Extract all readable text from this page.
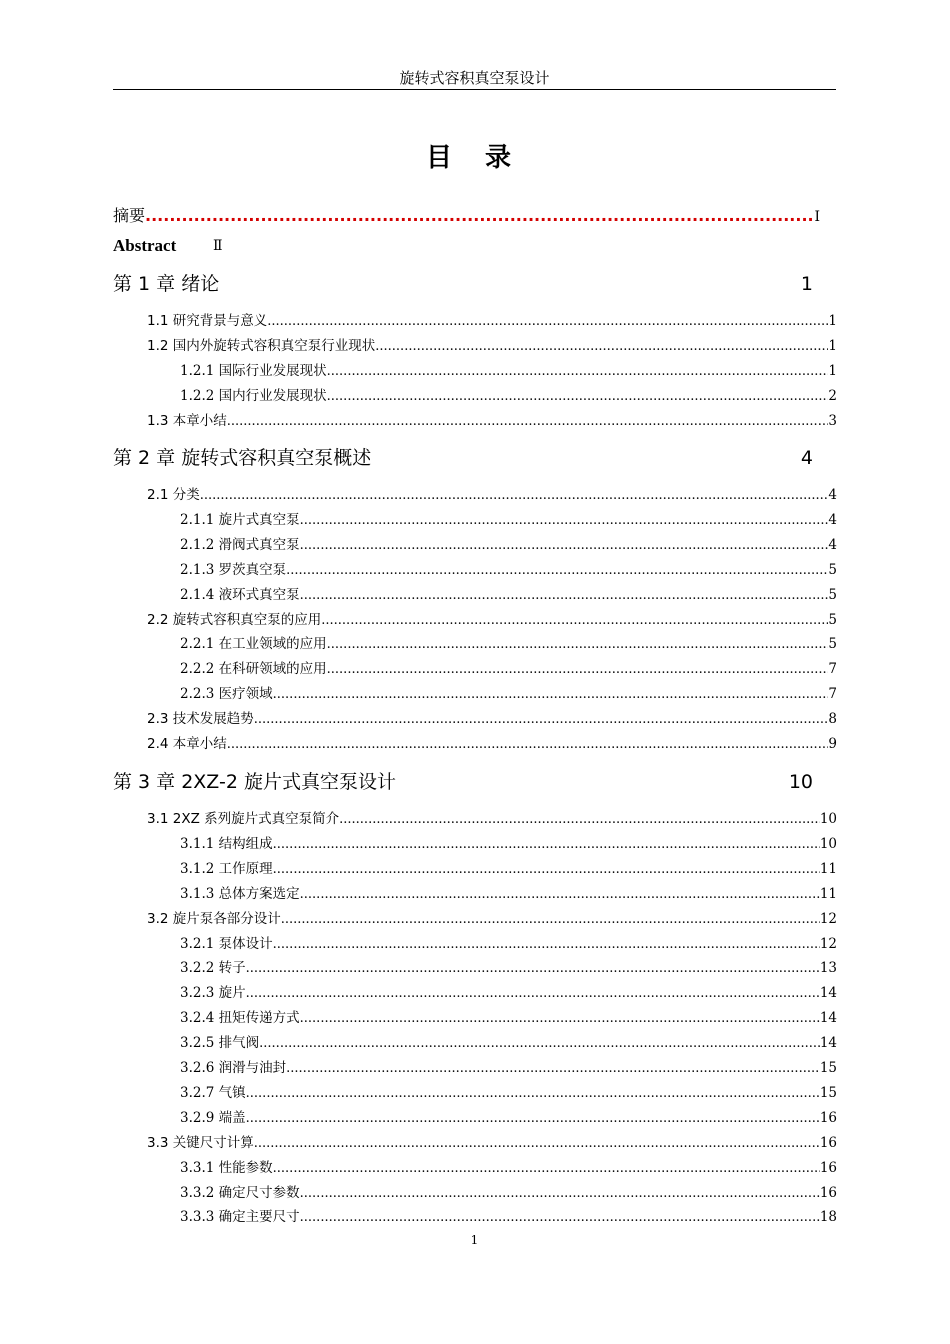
旋转式容积真空泵设计
目 录
摘要 .....	Ⅰ
Abstract	Ⅱ
第 1 章 绪论	1
1.1 研究背景与意义 .....	1
1.2 国内外旋转式容积真空泵行业现状 .....	1
1.2.1 国际行业发展现状 .....	1
1.2.2 国内行业发展现状 .....	2
1.3 本章小结 .....	3
第 2 章 旋转式容积真空泵概述	4
2.1 分类 .....	4
2.1.1 旋片式真空泵 .....	4
2.1.2 滑阀式真空泵 .....	4
2.1.3 罗茨真空泵 .....	5
2.1.4 液环式真空泵 .....	5
2.2 旋转式容积真空泵的应用 .....	5
2.2.1 在工业领域的应用 .....	5
2.2.2 在科研领域的应用 .....	7
2.2.3 医疗领域 .....	7
2.3 技术发展趋势 .....	8
2.4 本章小结 .....	9
第 3 章 2XZ-2 旋片式真空泵设计	10
3.1 2XZ 系列旋片式真空泵简介 .....	10
3.1.1 结构组成 .....	10
3.1.2 工作原理 .....	11
3.1.3 总体方案选定 .....	11
3.2 旋片泵各部分设计 .....	12
3.2.1 泵体设计 .....	12
3.2.2 转子 .....	13
3.2.3 旋片 .....	14
3.2.4 扭矩传递方式 .....	14
3.2.5 排气阀 .....	14
3.2.6 润滑与油封 .....	15
3.2.7 气镇 .....	15
3.2.9 端盖 .....	16
3.3 关键尺寸计算 .....	16
3.3.1 性能参数 .....	16
3.3.2 确定尺寸参数 .....	16
3.3.3 确定主要尺寸 .....	18
1
